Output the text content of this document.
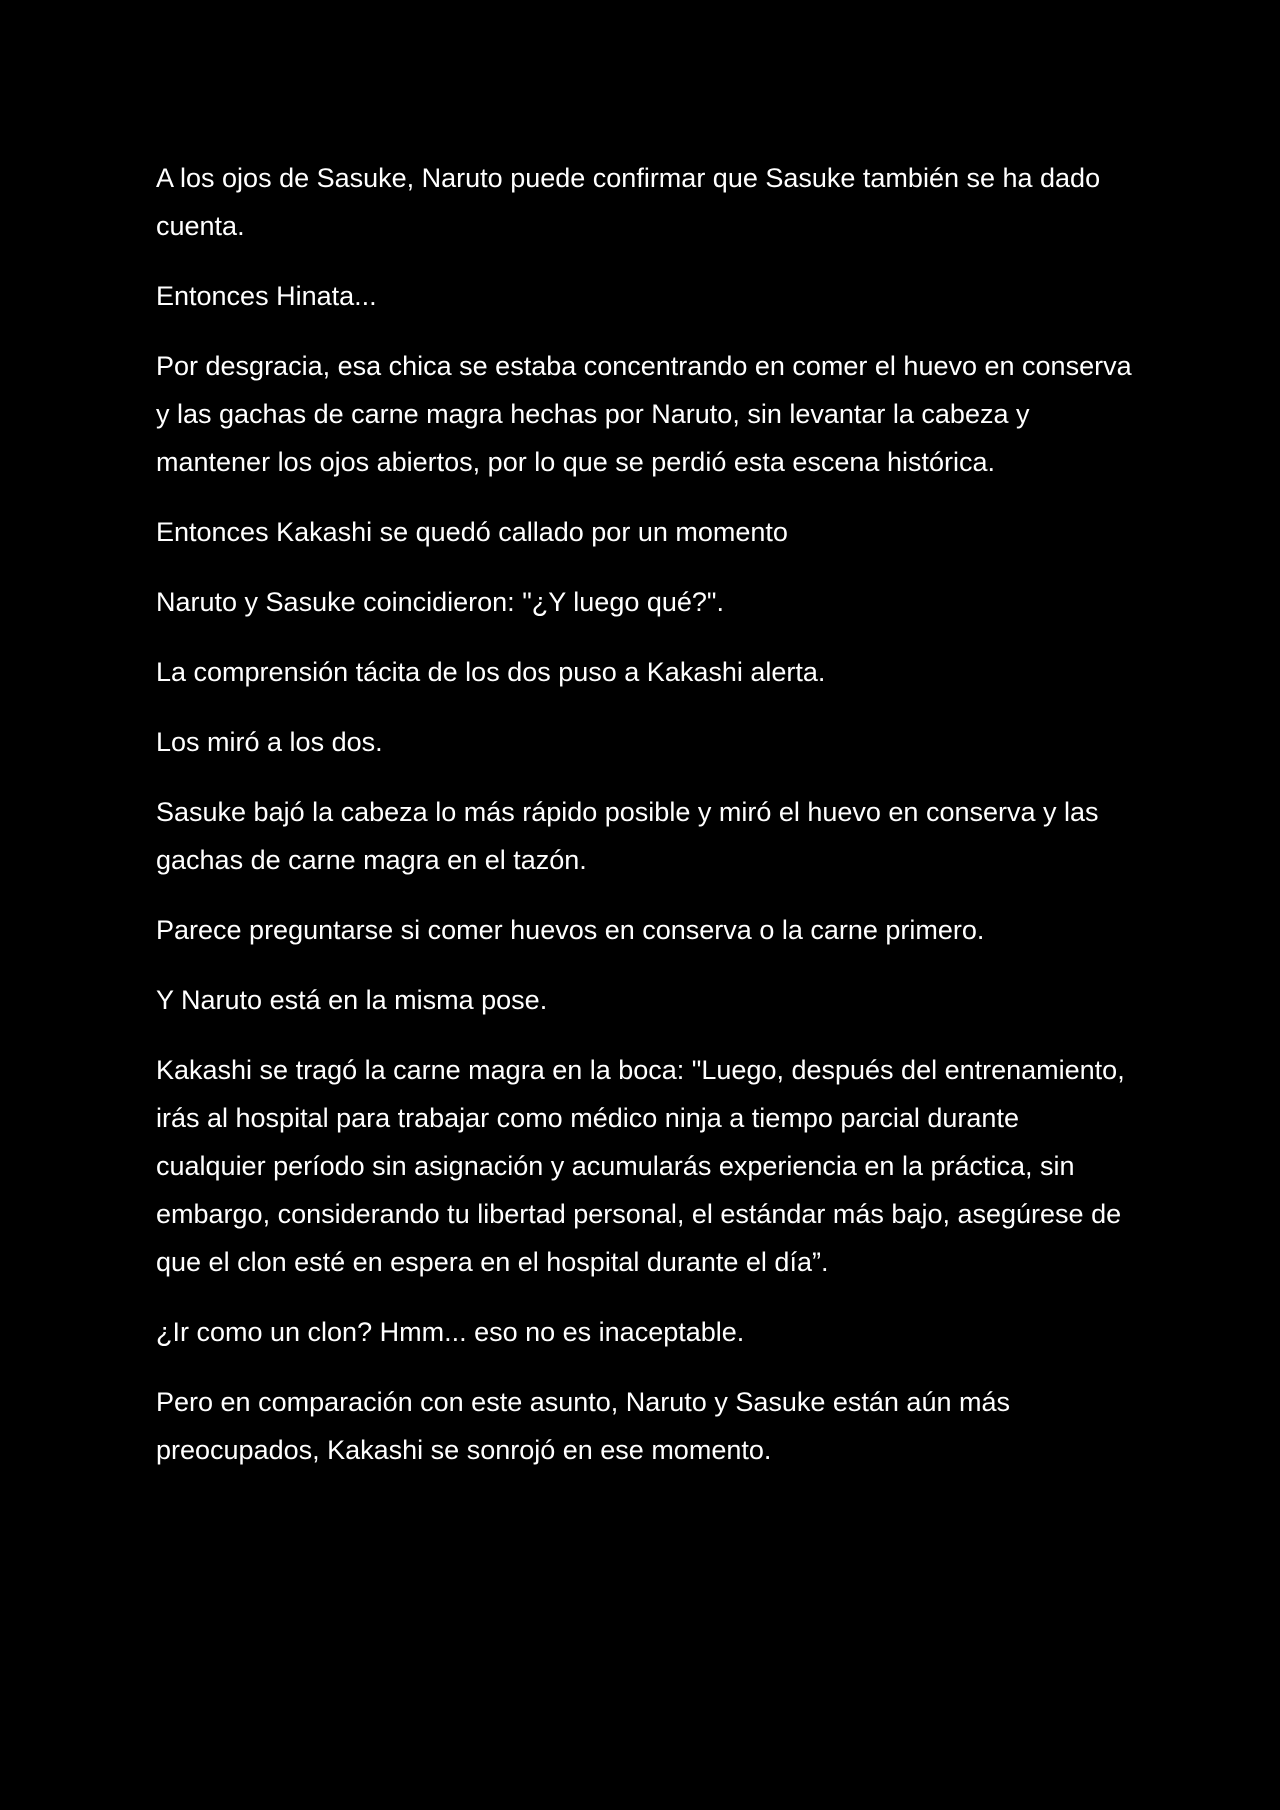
A los ojos de Sasuke, Naruto puede confirmar que Sasuke también se ha dado cuenta.

Entonces Hinata...

Por desgracia, esa chica se estaba concentrando en comer el huevo en conserva y las gachas de carne magra hechas por Naruto, sin levantar la cabeza y mantener los ojos abiertos, por lo que se perdió esta escena histórica.

Entonces Kakashi se quedó callado por un momento

Naruto y Sasuke coincidieron: "¿Y luego qué?".

La comprensión tácita de los dos puso a Kakashi alerta.

Los miró a los dos.

Sasuke bajó la cabeza lo más rápido posible y miró el huevo en conserva y las gachas de carne magra en el tazón.

Parece preguntarse si comer huevos en conserva o la carne primero.

Y Naruto está en la misma pose.

Kakashi se tragó la carne magra en la boca: "Luego, después del entrenamiento, irás al hospital para trabajar como médico ninja a tiempo parcial durante cualquier período sin asignación y acumularás experiencia en la práctica, sin embargo, considerando tu libertad personal, el estándar más bajo, asegúrese de que el clon esté en espera en el hospital durante el día”.

¿Ir como un clon? Hmm... eso no es inaceptable.

Pero en comparación con este asunto, Naruto y Sasuke están aún más preocupados, Kakashi se sonrojó en ese momento.
